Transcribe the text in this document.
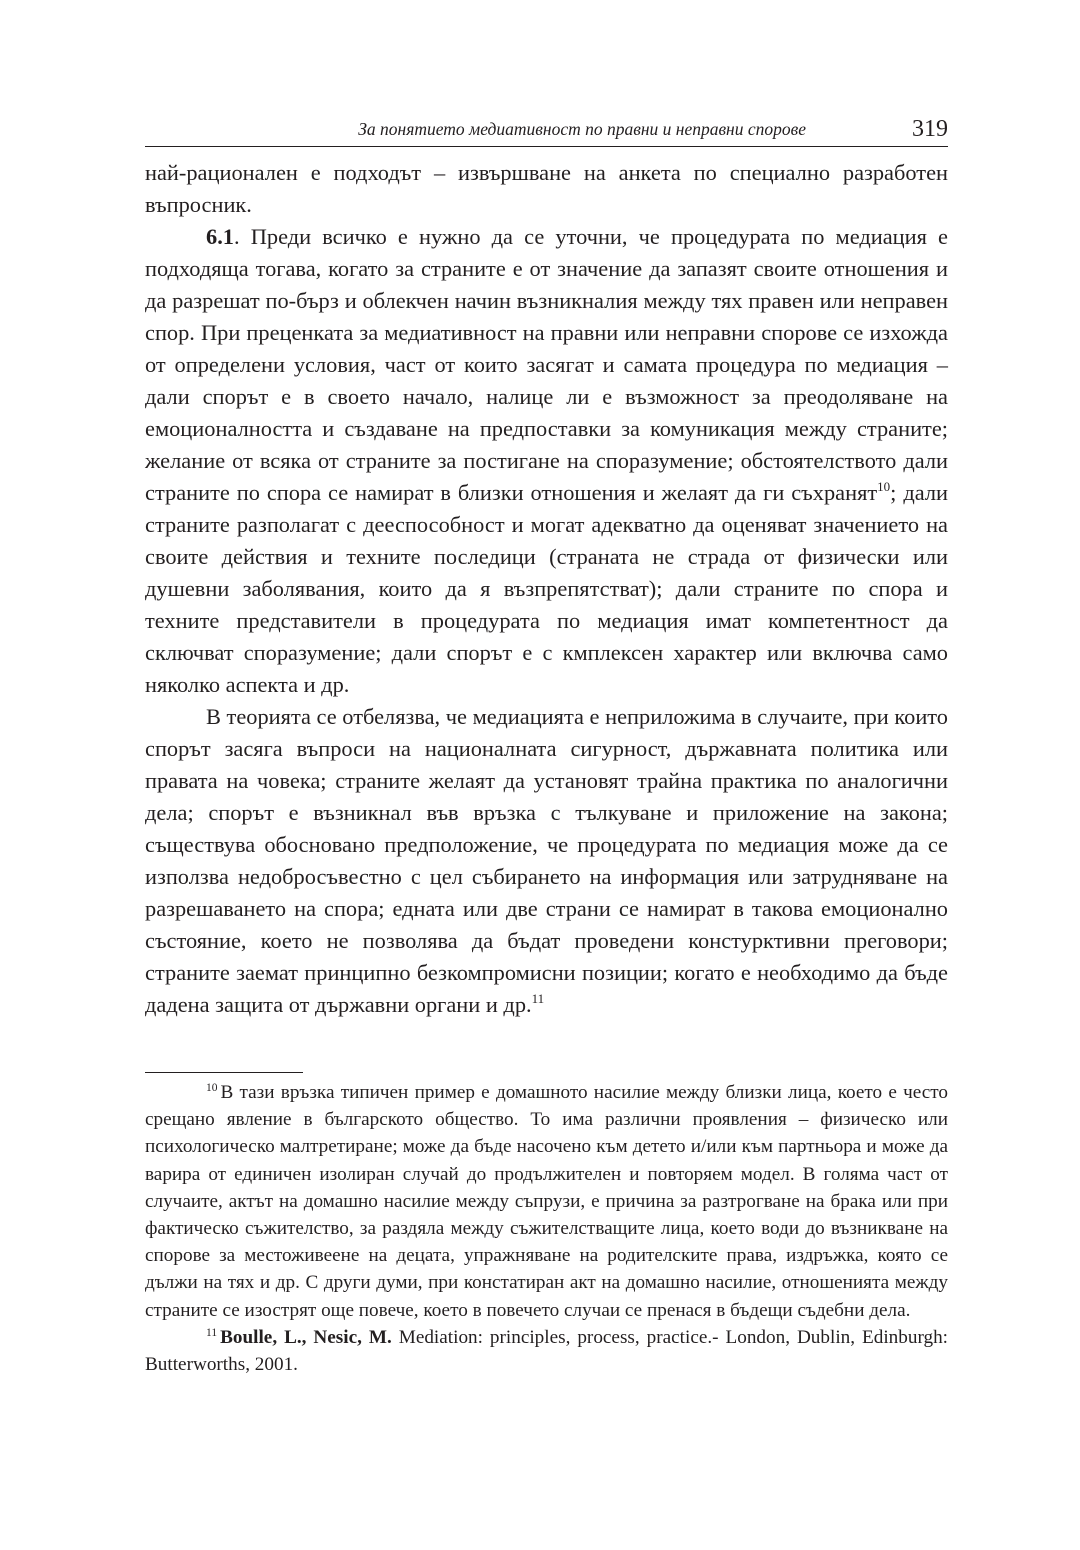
За понятието медиативност по правни и неправни спорове	319

най-рационален е подходът – извършване на анкета по специално разработен въпросник.

6.1. Преди всичко е нужно да се уточни, че процедурата по медиация е подходяща тогава, когато за страните е от значение да запазят своите отношения и да разрешат по-бърз и облекчен начин възникналия между тях правен или неправен спор. При преценката за медиативност на правни или неправни спорове се изхожда от определени условия, част от които засягат и самата процедура по медиация – дали спорът е в своето начало, налице ли е възможност за преодоляване на емоционалността и създаване на предпоставки за комуникация между страните; желание от всяка от страните за постигане на споразумение; обстоятелството дали страните по спора се намират в близки отношения и желаят да ги съхранят$^{10}$; дали страните разполагат с дееспособност и могат адекватно да оценяват значението на своите действия и техните последици (страната не страда от физически или душевни заболявания, които да я възпрепятстват); дали страните по спора и техните представители в процедурата по медиация имат компетентност да сключват споразумение; дали спорът е с кмплексен характер или включва само няколко аспекта и др.

В теорията се отбелязва, че медиацията е неприложима в случаите, при които спорът засяга въпроси на националната сигурност, държавната политика или правата на човека; страните желаят да установят трайна практика по аналогични дела; спорът е възникнал във връзка с тълкуване и приложение на закона; съществува обосновано предположение, че процедурата по медиация може да се използва недобросъвестно с цел събирането на информация или затрудняване на разрешаването на спора; едната или две страни се намират в такова емоционално състояние, което не позволява да бъдат проведени констурктивни преговори; страните заемат принципно безкомпромисни позиции; когато е необходимо да бъде дадена защита от държавни органи и др.$^{11}$

$^{10}$ В тази връзка типичен пример е домашното насилие между близки лица, което е често срещано явление в българското общество. То има различни проявления – физическо или психологическо малтретиране; може да бъде насочено към детето и/или към партньора и може да варира от единичен изолиран случай до продължителен и повторяем модел. В голяма част от случаите, актът на домашно насилие между съпрузи, е причина за разтрогване на брака или при фактическо съжителство, за раздяла между съжителстващите лица, което води до възникване на спорове за местоживеене на децата, упражняване на родителските права, издръжка, която се дължи на тях и др. С други думи, при констатиран акт на домашно насилие, отношенията между страните се изострят още повече, което в повечето случаи се пренася в бъдещи съдебни дела.

$^{11}$ Boulle, L., Nesic, M. Mediation: principles, process, practice.- London, Dublin, Edinburgh: Butterworths, 2001.
